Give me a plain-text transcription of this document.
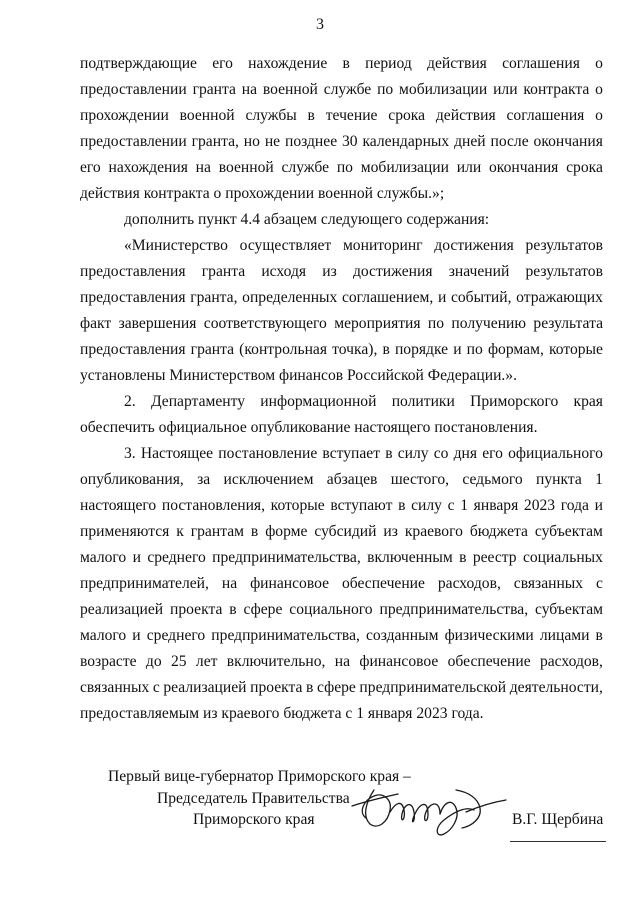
3
подтверждающие его нахождение в период действия соглашения о
предоставлении гранта на военной службе по мобилизации или контракта о
прохождении военной службы в течение срока действия соглашения о
предоставлении гранта, но не позднее 30 календарных дней после окончания
его нахождения на военной службе по мобилизации или окончания срока
действия контракта о прохождении военной службы.»;
дополнить пункт 4.4 абзацем следующего содержания:
«Министерство осуществляет мониторинг достижения результатов
предоставления гранта исходя из достижения значений результатов
предоставления гранта, определенных соглашением, и событий, отражающих
факт завершения соответствующего мероприятия по получению результата
предоставления гранта (контрольная точка), в порядке и по формам, которые
установлены Министерством финансов Российской Федерации.».
2. Департаменту информационной политики Приморского края
обеспечить официальное опубликование настоящего постановления.
3. Настоящее постановление вступает в силу со дня его официального
опубликования, за исключением абзацев шестого, седьмого пункта 1
настоящего постановления, которые вступают в силу с 1 января 2023 года и
применяются к грантам в форме субсидий из краевого бюджета субъектам
малого и среднего предпринимательства, включенным в реестр социальных
предпринимателей, на финансовое обеспечение расходов, связанных с
реализацией проекта в сфере социального предпринимательства, субъектам
малого и среднего предпринимательства, созданным физическими лицами в
возрасте до 25 лет включительно, на финансовое обеспечение расходов,
связанных с реализацией проекта в сфере предпринимательской деятельности,
предоставляемым из краевого бюджета с 1 января 2023 года.
Первый вице-губернатор Приморского края –
Председатель Правительства
Приморского края	В.Г. Щербина
